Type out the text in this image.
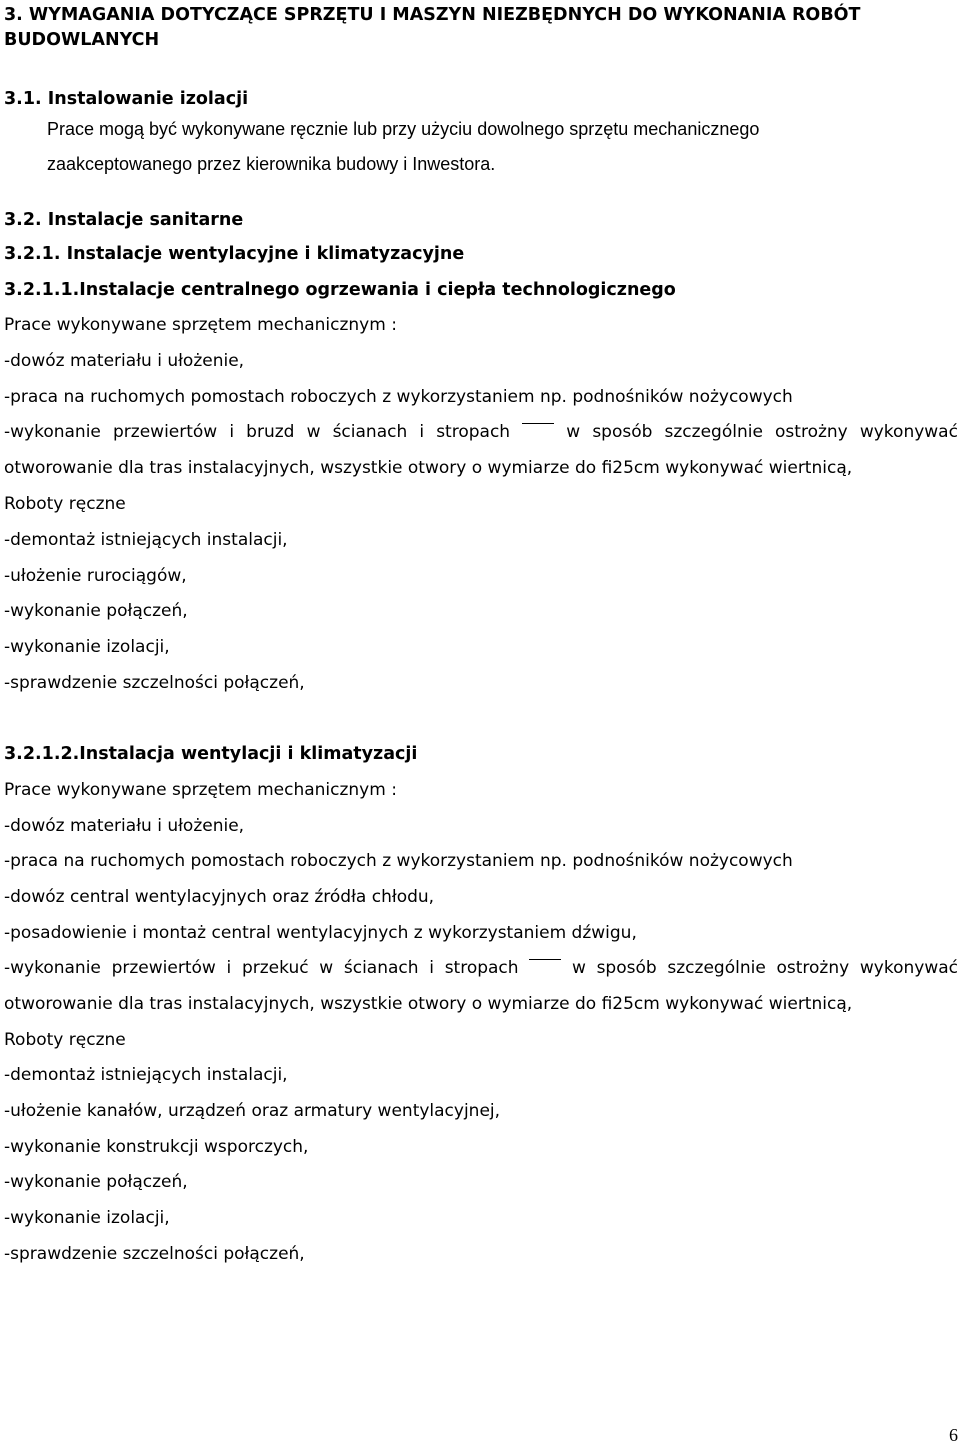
3. WYMAGANIA DOTYCZĄCE SPRZĘTU I MASZYN NIEZBĘDNYCH DO WYKONANIA ROBÓT
BUDOWLANYCH
3.1. Instalowanie izolacji
Prace mogą być wykonywane ręcznie lub przy użyciu dowolnego sprzętu mechanicznego
zaakceptowanego przez kierownika budowy i Inwestora.
3.2. Instalacje sanitarne
3.2.1. Instalacje wentylacyjne i klimatyzacyjne
3.2.1.1.Instalacje centralnego ogrzewania i ciepła technologicznego
Prace wykonywane sprzętem mechanicznym :
-dowóz materiału i ułożenie,
-praca na ruchomych pomostach roboczych z wykorzystaniem np. podnośników nożycowych
-wykonanie przewiertów i bruzd w ścianach i stropach	w sposób szczególnie ostrożny wykonywać
otworowanie dla tras instalacyjnych, wszystkie otwory o wymiarze do fi25cm wykonywać wiertnicą,
Roboty ręczne
-demontaż istniejących instalacji,
-ułożenie rurociągów,
-wykonanie połączeń,
-wykonanie izolacji,
-sprawdzenie szczelności połączeń,
3.2.1.2.Instalacja wentylacji i klimatyzacji
Prace wykonywane sprzętem mechanicznym :
-dowóz materiału i ułożenie,
-praca na ruchomych pomostach roboczych z wykorzystaniem np. podnośników nożycowych
-dowóz central wentylacyjnych oraz źródła chłodu,
-posadowienie i montaż central wentylacyjnych z wykorzystaniem dźwigu,
-wykonanie przewiertów i przekuć w ścianach i stropach	w sposób szczególnie ostrożny wykonywać
otworowanie dla tras instalacyjnych, wszystkie otwory o wymiarze do fi25cm wykonywać wiertnicą,
Roboty ręczne
-demontaż istniejących instalacji,
-ułożenie kanałów, urządzeń oraz armatury wentylacyjnej,
-wykonanie konstrukcji wsporczych,
-wykonanie połączeń,
-wykonanie izolacji,
-sprawdzenie szczelności połączeń,
6
